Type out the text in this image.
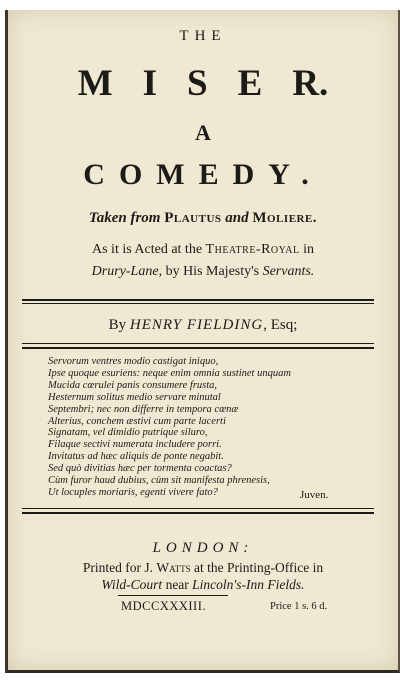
THE
M I S E R.
A
COMEDY.
Taken from Plautus and Moliere.
As it is Acted at the Theatre-Royal in
Drury-Lane, by His Majesty's Servants.
By HENRY FIELDING, Esq;
Servorum ventres modio castigat iniquo,
Ipse quoque esuriens: neque enim omnia sustinet unquam
Mucida cœrulei panis consumere frusta,
Hesternum solitus medio servare minutal
Septembri; nec non differre in tempora cœnæ
Alterius, conchem æstivi cum parte lacerti
Signatam, vel dimidio putrique siluro,
Filaque sectivi numerata includere porri.
Invitatus ad hæc aliquis de ponte negabit.
Sed quò divitias hæc per tormenta coactas?
Cùm furor haud dubius, cùm sit manifesta phrenesis,
Ut locuples moriaris, egenti vivere fato?	Juven.
LONDON:
Printed for J. Watts at the Printing-Office in
Wild-Court near Lincoln's-Inn Fields.
MDCCXXXIII.	Price 1 s. 6 d.
